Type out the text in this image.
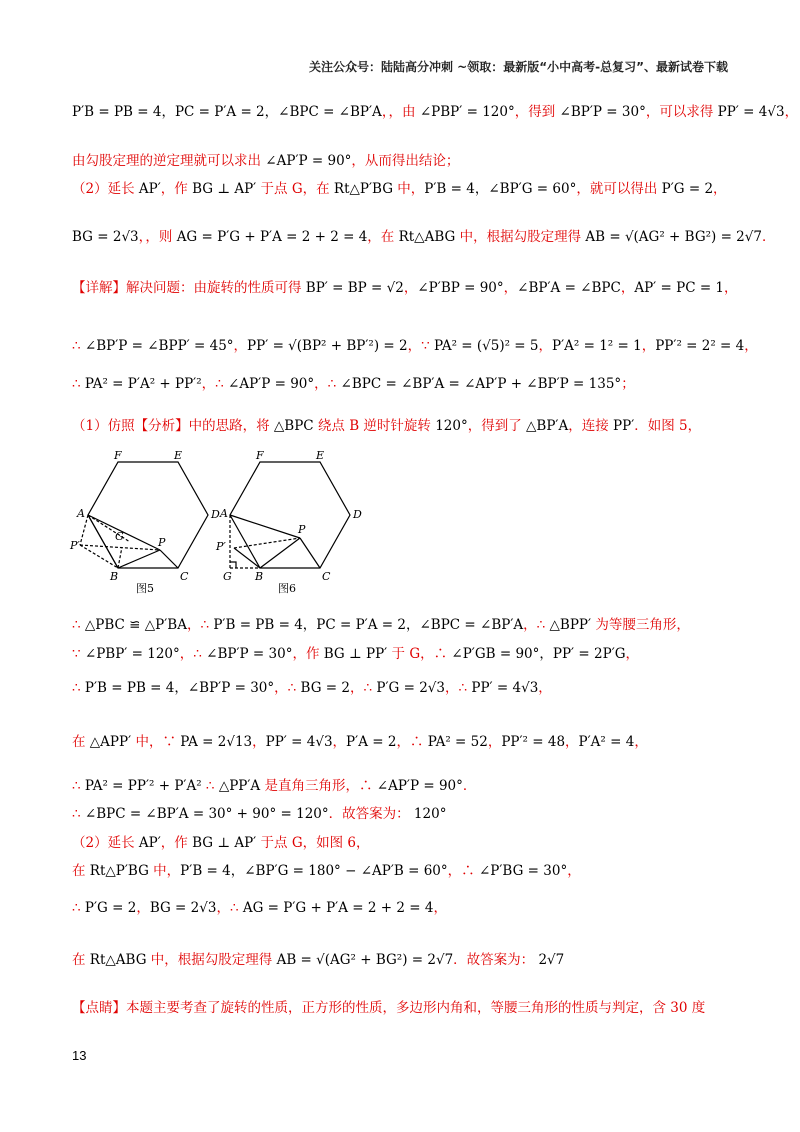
关注公众号：陆陆高分冲刺 ~领取：最新版“小中高考-总复习”、最新试卷下载
P′B = PB = 4，PC = P′A = 2，∠BPC = ∠BP′A，，由 ∠PBP′ = 120°，得到 ∠BP′P = 30°，可以求得 PP′ = 4√3，
由勾股定理的逆定理就可以求出 ∠AP′P = 90°，从而得出结论；
（2）延长 AP′，作 BG ⊥ AP′ 于点 G，在 Rt△P′BG 中，P′B = 4，∠BP′G = 60°，就可以得出 P′G = 2，
BG = 2√3，，则 AG = P′G + P′A = 2 + 2 = 4，在 Rt△ABG 中，根据勾股定理得 AB = √(AG² + BG²) = 2√7．
【详解】解决问题：由旋转的性质可得 BP′ = BP = √2，∠P′BP = 90°，∠BP′A = ∠BPC，AP′ = PC = 1，
∴ ∠BP′P = ∠BPP′ = 45°，PP′ = √(BP² + BP′²) = 2，∵ PA² = (√5)² = 5，P′A² = 1² = 1，PP′² = 2² = 4，
∴ PA² = P′A² + PP′²，∴ ∠AP′P = 90°，∴ ∠BPC = ∠BP′A = ∠AP′P + ∠BP′P = 135°；
（1）仿照【分析】中的思路，将 △BPC 绕点 B 逆时针旋转 120°，得到了 △BP′A，连接 PP′．如图 5，
∴ △PBC ≌ △P′BA，∴ P′B = PB = 4，PC = P′A = 2，∠BPC = ∠BP′A，∴ △BPP′ 为等腰三角形，
∵ ∠PBP′ = 120°，∴ ∠BP′P = 30°，作 BG ⊥ PP′ 于 G，∴ ∠P′GB = 90°，PP′ = 2P′G，
∴ P′B = PB = 4，∠BP′P = 30°，∴ BG = 2，∴ P′G = 2√3，∴ PP′ = 4√3，
在 △APP′ 中，∵ PA = 2√13，PP′ = 4√3，P′A = 2，∴ PA² = 52，PP′² = 48，P′A² = 4，
∴ PA² = PP′² + P′A² ∴ △PP′A 是直角三角形，∴ ∠AP′P = 90°．
∴ ∠BPC = ∠BP′A = 30° + 90° = 120°．故答案为： 120°
（2）延长 AP′，作 BG ⊥ AP′ 于点 G，如图 6，
在 Rt△P′BG 中，P′B = 4，∠BP′G = 180° − ∠AP′B = 60°，∴ ∠P′BG = 30°，
∴ P′G = 2，BG = 2√3，∴ AG = P′G + P′A = 2 + 2 = 4，
在 Rt△ABG 中，根据勾股定理得 AB = √(AG² + BG²) = 2√7．故答案为： 2√7
【点睛】本题主要考查了旋转的性质，正方形的性质，多边形内角和，等腰三角形的性质与判定，含 30 度
F	E
D
A
P′
G	P
B	C
图5
F	E
D
A
P′
G
P
B	C
图6
13
